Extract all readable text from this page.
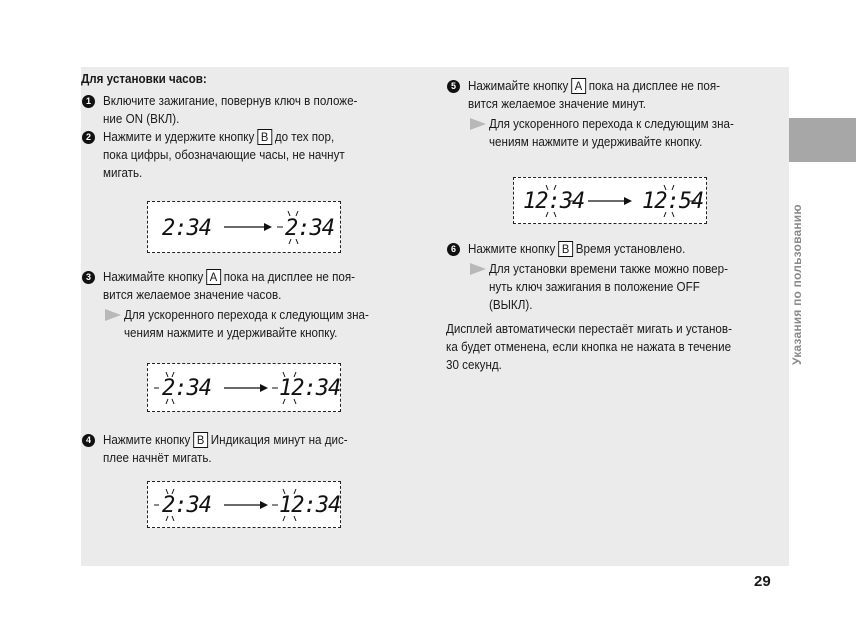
Указания по пользованию
29
Для установки часов:
1 Включите зажигание, повернув ключ в положе-
ние ON (ВКЛ).
2 Нажмите и удержите кнопку B до тех пор,
пока цифры, обозначающие часы, не начнут
мигать.
2:34	2:34
3 Нажимайте кнопку A пока на дисплее не поя-
вится желаемое значение часов.
Для ускоренного перехода к следующим зна-
чениям нажмите и удерживайте кнопку.
2:34	12:34
4 Нажмите кнопку B Индикация минут на дис-
плее начнёт мигать.
2:34	12:34
5 Нажимайте кнопку A пока на дисплее не поя-
вится желаемое значение минут.
Для ускоренного перехода к следующим зна-
чениям нажмите и удерживайте кнопку.
12:34	12:54
6 Нажмите кнопку B Время установлено.
Для установки времени также можно повер-
нуть ключ зажигания в положение OFF
(ВЫКЛ).
Дисплей автоматически перестаёт мигать и установ-
ка будет отменена, если кнопка не нажата в течение
30 секунд.
